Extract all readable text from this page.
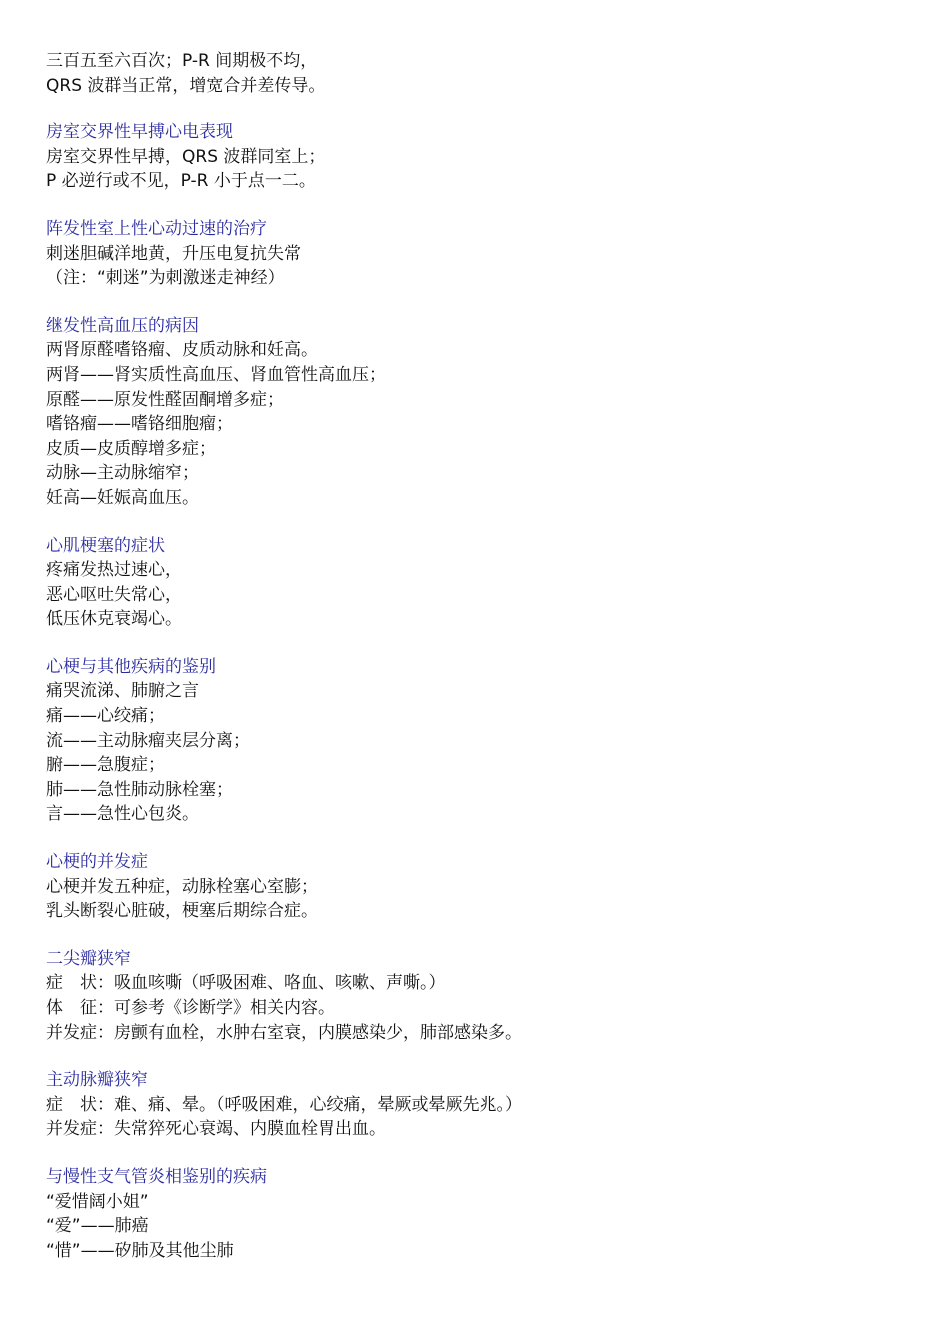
三百五至六百次；P-R 间期极不均，
QRS 波群当正常，增宽合并差传导。
房室交界性早搏心电表现
房室交界性早搏，QRS 波群同室上；
P 必逆行或不见，P-R 小于点一二。
阵发性室上性心动过速的治疗
刺迷胆碱洋地黄，升压电复抗失常
（注：“刺迷”为刺激迷走神经）
继发性高血压的病因
两肾原醛嗜铬瘤、皮质动脉和妊高。
两肾——肾实质性高血压、肾血管性高血压；
原醛——原发性醛固酮增多症；
嗜铬瘤——嗜铬细胞瘤；
皮质—皮质醇增多症；
动脉—主动脉缩窄；
妊高—妊娠高血压。
心肌梗塞的症状
疼痛发热过速心，
恶心呕吐失常心，
低压休克衰竭心。
心梗与其他疾病的鉴别
痛哭流涕、肺腑之言
痛——心绞痛；
流——主动脉瘤夹层分离；
腑——急腹症；
肺——急性肺动脉栓塞；
言——急性心包炎。
心梗的并发症
心梗并发五种症，动脉栓塞心室膨；
乳头断裂心脏破，梗塞后期综合症。
二尖瓣狭窄
症　状：吸血咳嘶（呼吸困难、咯血、咳嗽、声嘶。）
体　征：可参考《诊断学》相关内容。
并发症：房颤有血栓，水肿右室衰，内膜感染少，肺部感染多。
主动脉瓣狭窄
症　状：难、痛、晕。（呼吸困难，心绞痛，晕厥或晕厥先兆。）
并发症：失常猝死心衰竭、内膜血栓胃出血。
与慢性支气管炎相鉴别的疾病
“爱惜阔小姐”
“爱”——肺癌
“惜”——矽肺及其他尘肺
